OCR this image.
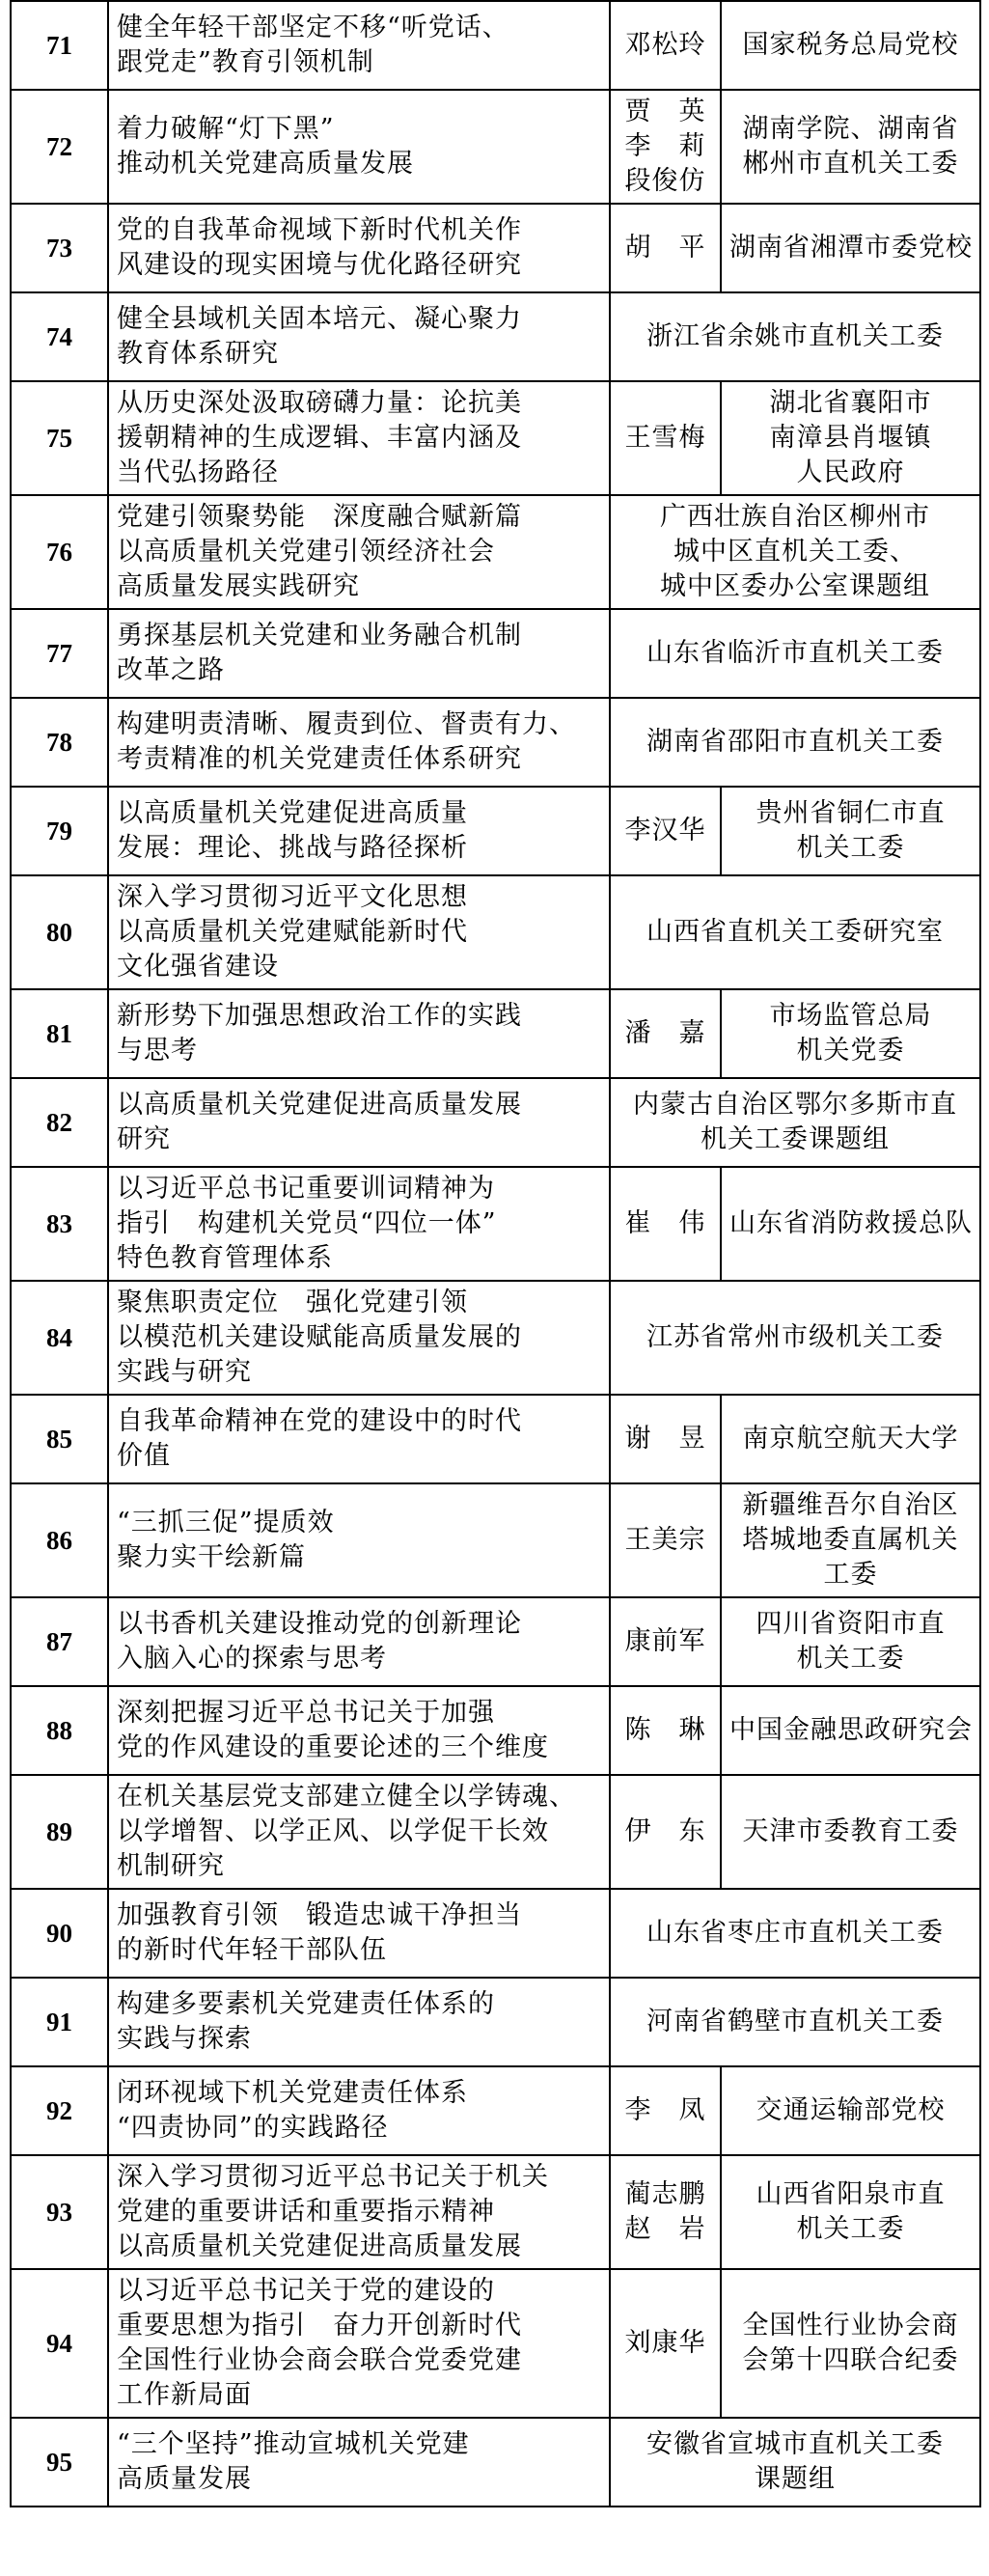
71	健全年轻干部坚定不移“听党话、
跟党走”教育引领机制	邓松玲	国家税务总局党校

72	着力破解“灯下黑”
推动机关党建高质量发展	贾　英
李　莉
段俊仿	湖南学院、湖南省
郴州市直机关工委

73	党的自我革命视域下新时代机关作
风建设的现实困境与优化路径研究	胡　平	湖南省湘潭市委党校

74	健全县域机关固本培元、凝心聚力
教育体系研究	浙江省余姚市直机关工委	

75	从历史深处汲取磅礴力量：论抗美
援朝精神的生成逻辑、丰富内涵及
当代弘扬路径	王雪梅	湖北省襄阳市
南漳县肖堰镇
人民政府

76	党建引领聚势能　深度融合赋新篇
以高质量机关党建引领经济社会
高质量发展实践研究	广西壮族自治区柳州市
城中区直机关工委、
城中区委办公室课题组	

77	勇探基层机关党建和业务融合机制
改革之路	山东省临沂市直机关工委	

78	构建明责清晰、履责到位、督责有力、
考责精准的机关党建责任体系研究	湖南省邵阳市直机关工委	

79	以高质量机关党建促进高质量
发展：理论、挑战与路径探析	李汉华	贵州省铜仁市直
机关工委

80	深入学习贯彻习近平文化思想
以高质量机关党建赋能新时代
文化强省建设	山西省直机关工委研究室	

81	新形势下加强思想政治工作的实践
与思考	潘　嘉	市场监管总局
机关党委

82	以高质量机关党建促进高质量发展
研究	内蒙古自治区鄂尔多斯市直
机关工委课题组	

83	以习近平总书记重要训词精神为
指引　构建机关党员“四位一体”
特色教育管理体系	崔　伟	山东省消防救援总队

84	聚焦职责定位　强化党建引领
以模范机关建设赋能高质量发展的
实践与研究	江苏省常州市级机关工委	

85	自我革命精神在党的建设中的时代
价值	谢　昱	南京航空航天大学

86	“三抓三促”提质效
聚力实干绘新篇	王美宗	新疆维吾尔自治区
塔城地委直属机关
工委

87	以书香机关建设推动党的创新理论
入脑入心的探索与思考	康前军	四川省资阳市直
机关工委

88	深刻把握习近平总书记关于加强
党的作风建设的重要论述的三个维度	陈　琳	中国金融思政研究会

89	在机关基层党支部建立健全以学铸魂、
以学增智、以学正风、以学促干长效
机制研究	伊　东	天津市委教育工委

90	加强教育引领　锻造忠诚干净担当
的新时代年轻干部队伍	山东省枣庄市直机关工委	

91	构建多要素机关党建责任体系的
实践与探索	河南省鹤壁市直机关工委	

92	闭环视域下机关党建责任体系
“四责协同”的实践路径	李　凤	交通运输部党校

93	深入学习贯彻习近平总书记关于机关
党建的重要讲话和重要指示精神
以高质量机关党建促进高质量发展	蔺志鹏
赵　岩	山西省阳泉市直
机关工委

94	以习近平总书记关于党的建设的
重要思想为指引　奋力开创新时代
全国性行业协会商会联合党委党建
工作新局面	刘康华	全国性行业协会商
会第十四联合纪委

95	“三个坚持”推动宣城机关党建
高质量发展	安徽省宣城市直机关工委
课题组	
